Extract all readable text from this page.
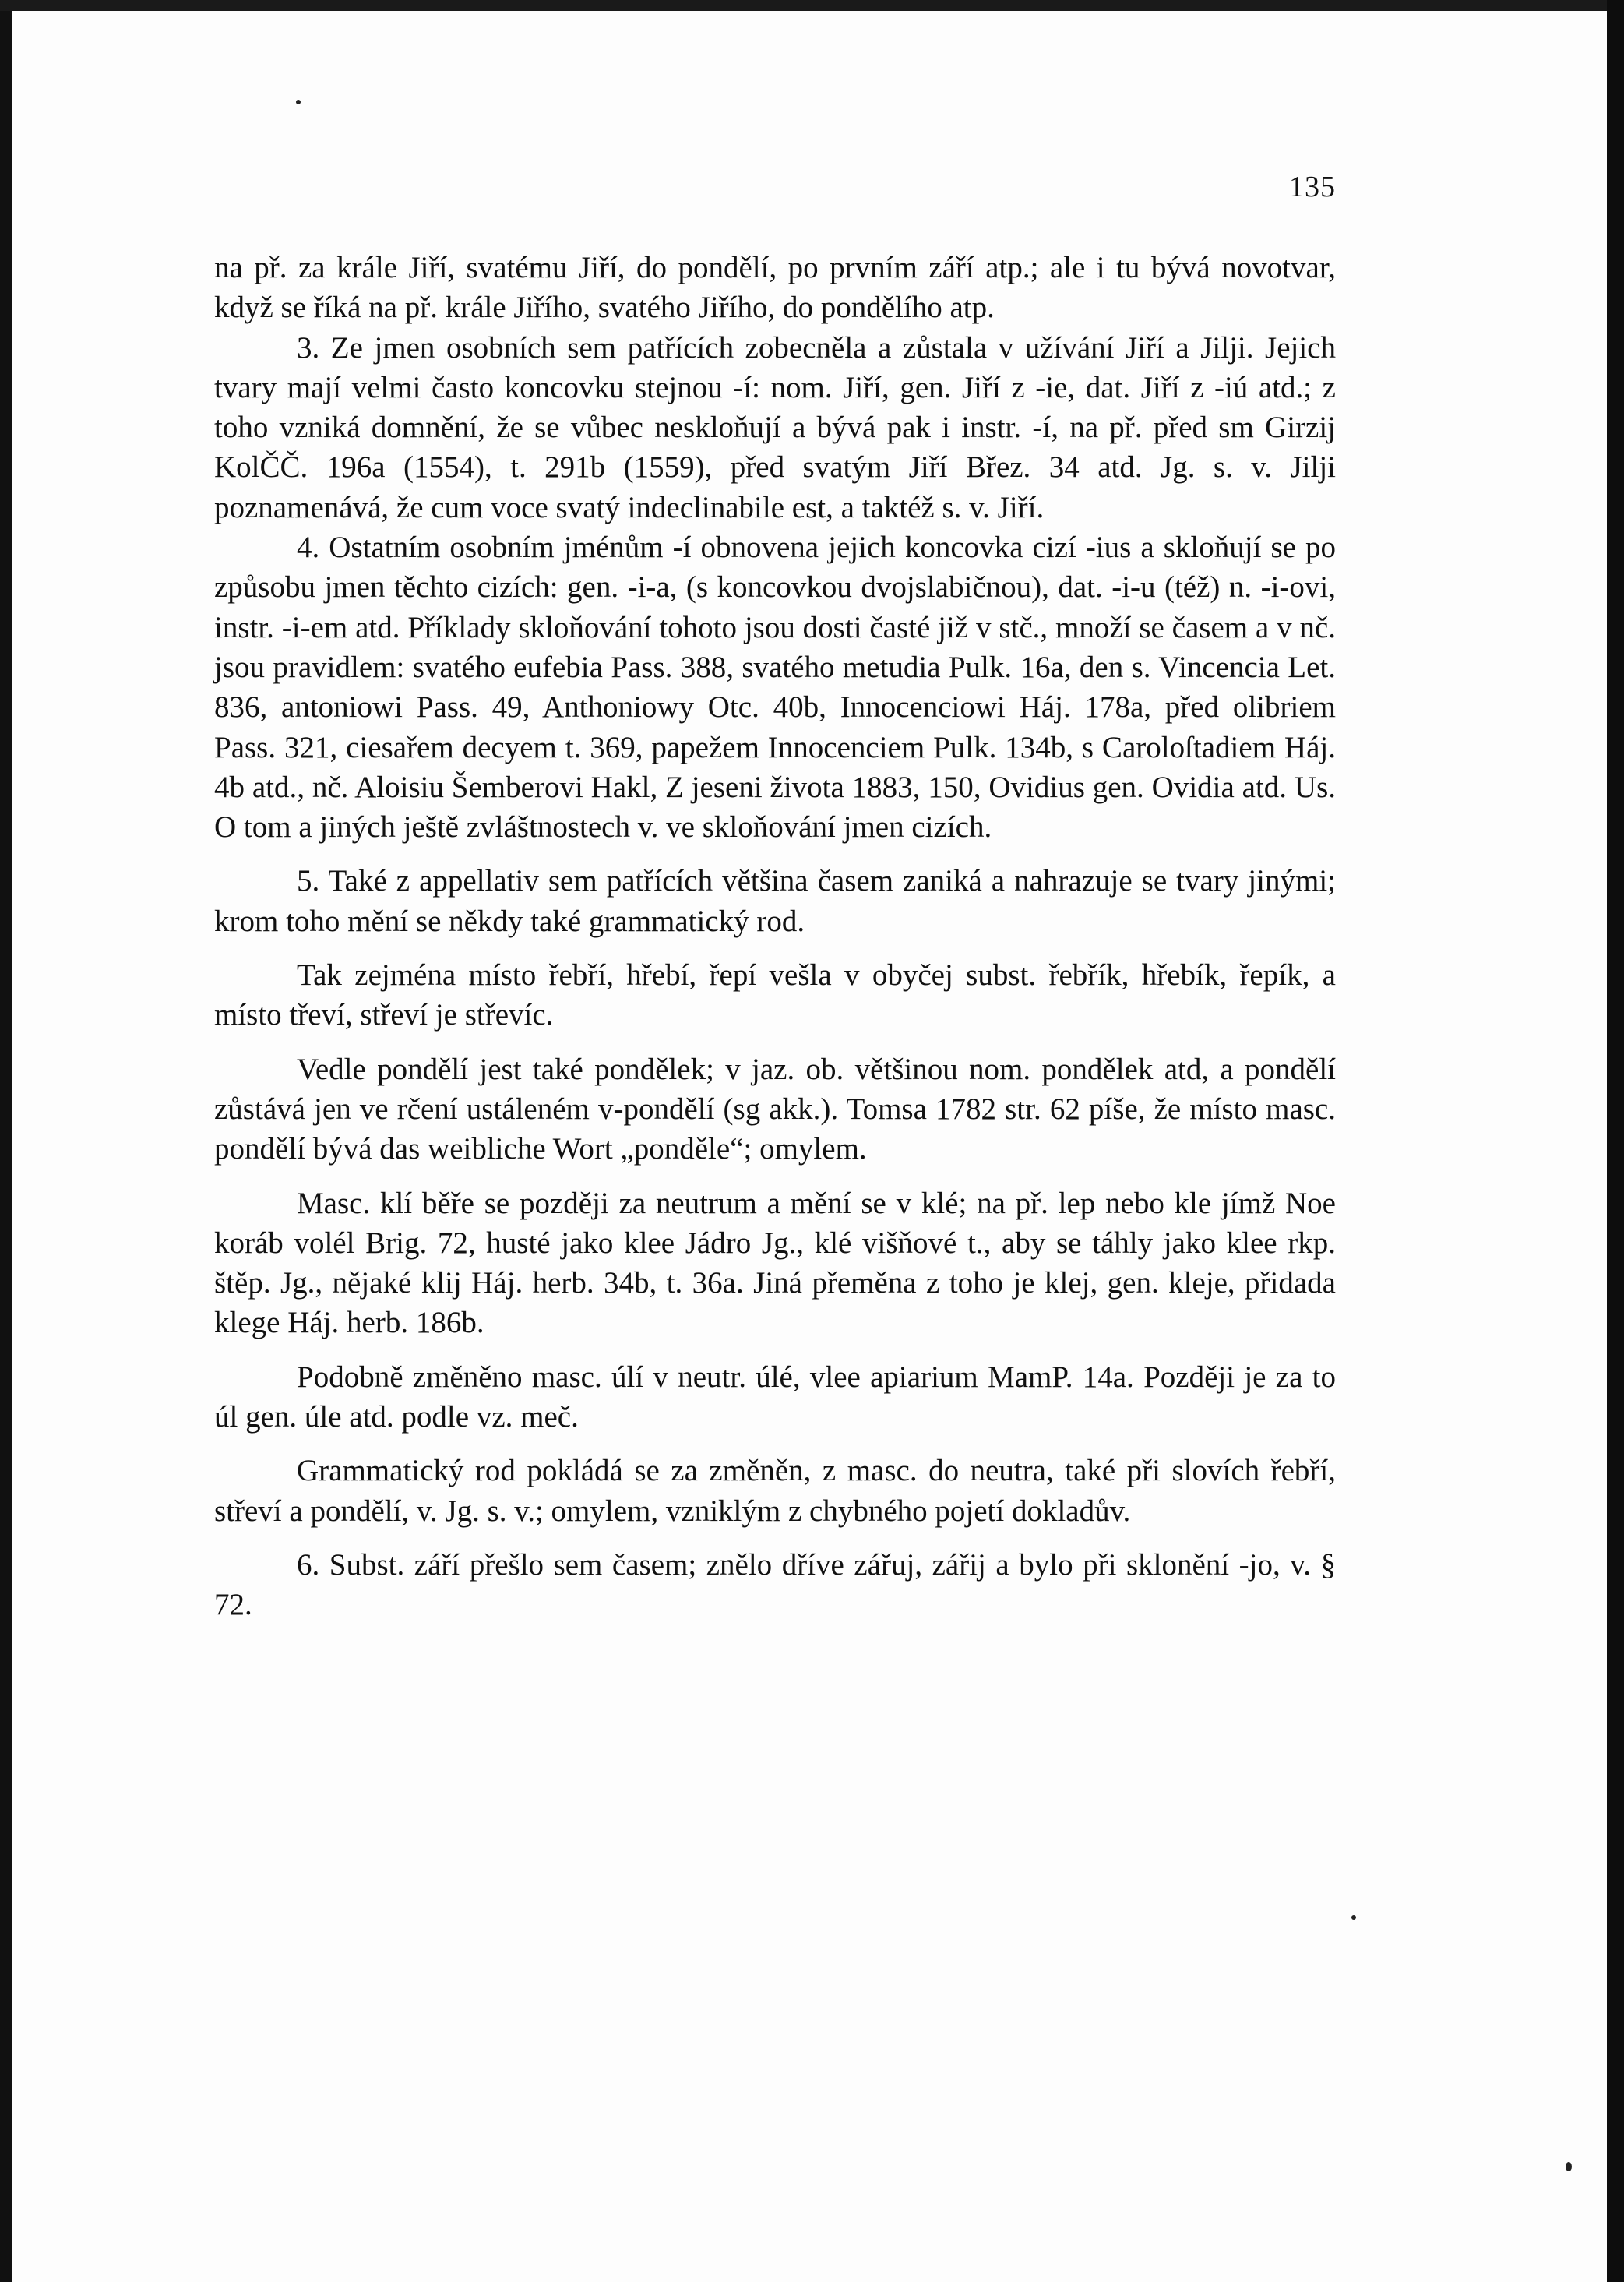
135

na př. za krále Jiří, svatému Jiří, do pondělí, po prvním září atp.; ale i tu bývá novotvar, když se říká na př. krále Jiřího, svatého Jiřího, do pondělího atp.

3. Ze jmen osobních sem patřících zobecněla a zůstala v užívání Jiří a Jilji. Jejich tvary mají velmi často koncovku stejnou -í: nom. Jiří, gen. Jiří z -ie, dat. Jiří z -iú atd.; z toho vzniká domnění, že se vůbec neskloňují a bývá pak i instr. -í, na př. před sm Girzij KolČČ. 196a (1554), t. 291b (1559), před svatým Jiří Břez. 34 atd. Jg. s. v. Jilji poznamenává, že cum voce svatý indeclinabile est, a taktéž s. v. Jiří.

4. Ostatním osobním jménům -í obnovena jejich koncovka cizí -ius a skloňují se po způsobu jmen těchto cizích: gen. -i-a, (s koncovkou dvojslabičnou), dat. -i-u (též) n. -i-ovi, instr. -i-em atd. Příklady skloňování tohoto jsou dosti časté již v stč., množí se časem a v nč. jsou pravidlem: svatého eufebia Pass. 388, svatého metudia Pulk. 16a, den s. Vincencia Let. 836, antoniowi Pass. 49, Anthoniowy Otc. 40b, Innocenciowi Háj. 178a, před olibriem Pass. 321, ciesařem decyem t. 369, papežem Innocenciem Pulk. 134b, s Caroloſtadiem Háj. 4b atd., nč. Aloisiu Šemberovi Hakl, Z jeseni života 1883, 150, Ovidius gen. Ovidia atd. Us. O tom a jiných ještě zvláštnostech v. ve skloňování jmen cizích.

5. Také z appellativ sem patřících většina časem zaniká a nahrazuje se tvary jinými; krom toho mění se někdy také grammatický rod.

Tak zejména místo řebří, hřebí, řepí vešla v obyčej subst. řebřík, hřebík, řepík, a místo třeví, střeví je střevíc.

Vedle pondělí jest také pondělek; v jaz. ob. většinou nom. pondělek atd, a pondělí zůstává jen ve rčení ustáleném v-pondělí (sg akk.). Tomsa 1782 str. 62 píše, že místo masc. pondělí bývá das weibliche Wort „ponděle“; omylem.

Masc. klí běře se později za neutrum a mění se v klé; na př. lep nebo kle jímž Noe koráb volél Brig. 72, husté jako klee Jádro Jg., klé višňové t., aby se táhly jako klee rkp. štěp. Jg., nějaké klij Háj. herb. 34b, t. 36a. Jiná přeměna z toho je klej, gen. kleje, přidada klege Háj. herb. 186b.

Podobně změněno masc. úlí v neutr. úlé, vlee apiarium MamP. 14a. Později je za to úl gen. úle atd. podle vz. meč.

Grammatický rod pokládá se za změněn, z masc. do neutra, také při slovích řebří, střeví a pondělí, v. Jg. s. v.; omylem, vzniklým z chybného pojetí dokladův.

6. Subst. září přešlo sem časem; znělo dříve zářuj, zářij a bylo při sklonění -jo, v. § 72.
